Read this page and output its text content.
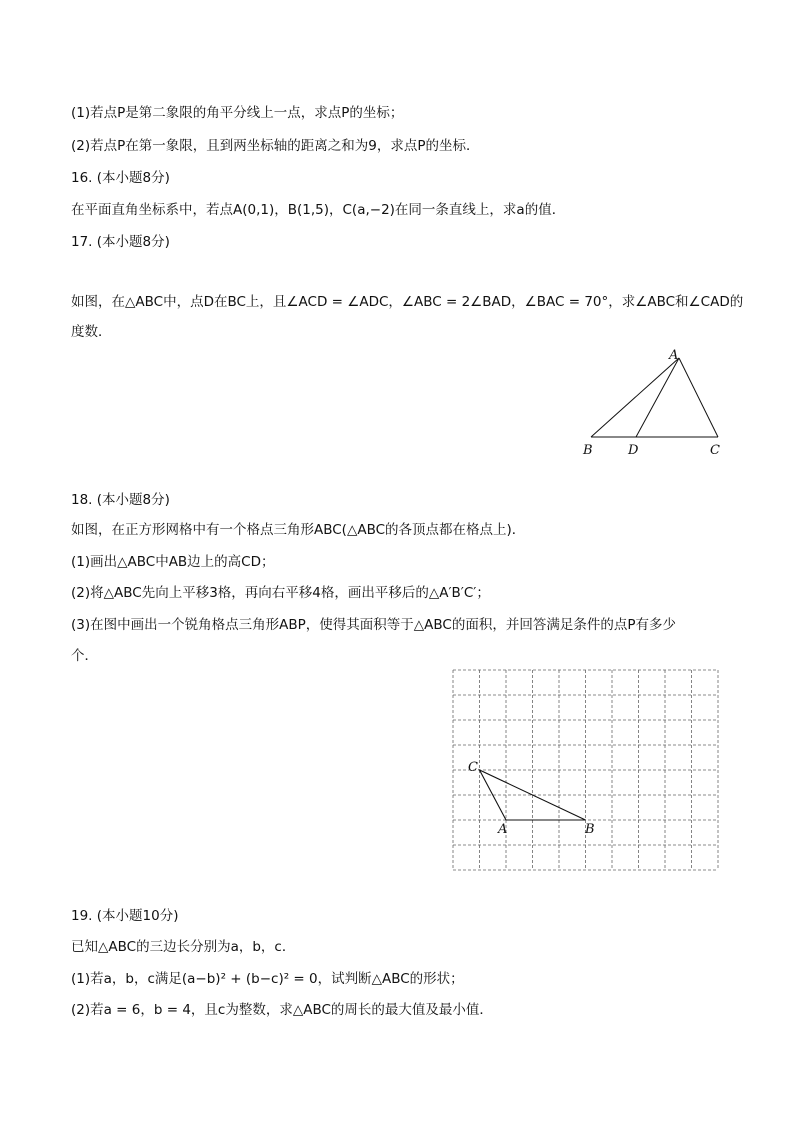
(1)若点P是第二象限的角平分线上一点，求点P的坐标；
(2)若点P在第一象限，且到两坐标轴的距离之和为9，求点P的坐标．
16. (本小题8分)
在平面直角坐标系中，若点A(0,1)，B(1,5)，C(a,−2)在同一条直线上，求a的值．
17. (本小题8分)
如图，在△ABC中，点D在BC上，且∠ACD = ∠ADC，∠ABC = 2∠BAD，∠BAC = 70°，求∠ABC和∠CAD的
度数．
A
B	D	C
18. (本小题8分)
如图，在正方形网格中有一个格点三角形ABC(△ABC的各顶点都在格点上)．
(1)画出△ABC中AB边上的高CD；
(2)将△ABC先向上平移3格，再向右平移4格，画出平移后的△A′B′C′；
(3)在图中画出一个锐角格点三角形ABP，使得其面积等于△ABC的面积，并回答满足条件的点P有多少
个．
C
A	B
19. (本小题10分)
已知△ABC的三边长分别为a，b，c．
(1)若a，b，c满足(a−b)² + (b−c)² = 0，试判断△ABC的形状；
(2)若a = 6，b = 4，且c为整数，求△ABC的周长的最大值及最小值．
